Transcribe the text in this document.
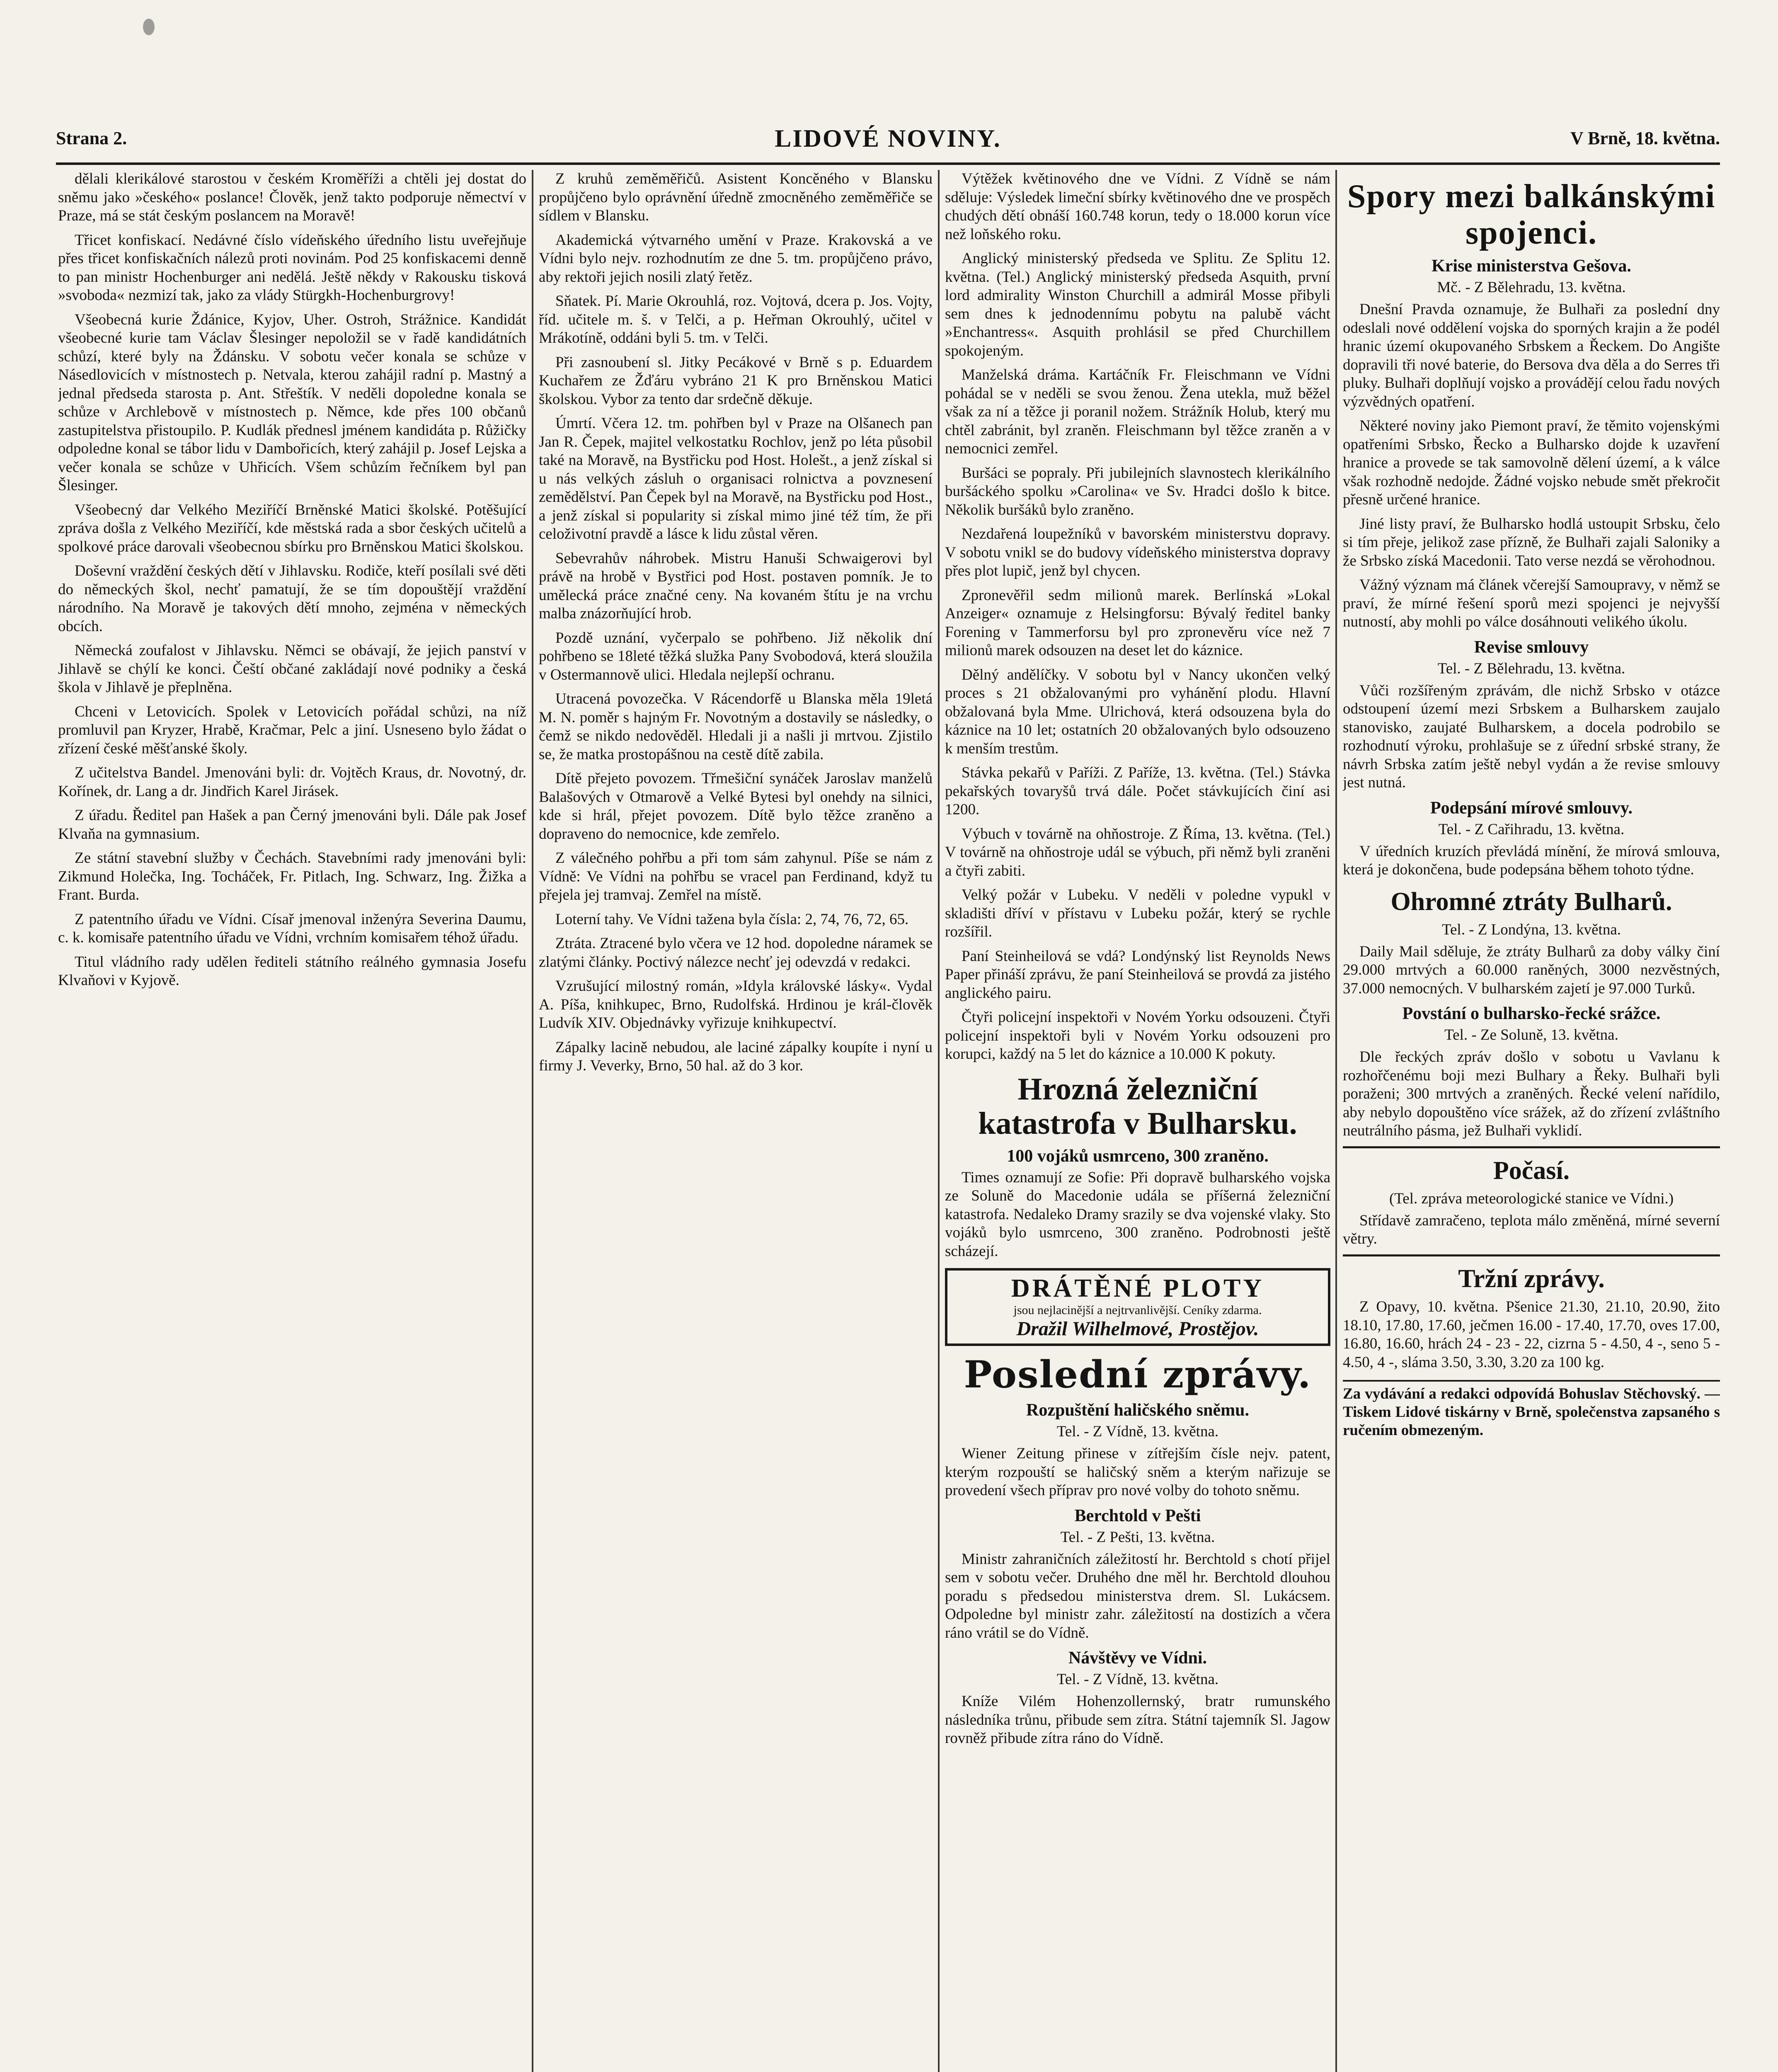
Strana 2.	LIDOVÉ NOVINY.	V Brně, 18. května.

dělali klerikálové starostou v českém Kroměříži a chtěli jej dostat do sněmu jako »českého« poslance! Člověk, jenž takto podporuje němectví v Praze, má se stát českým poslancem na Moravě!

Třicet konfiskací. Nedávné číslo vídeňského úředního listu uveřejňuje přes třicet konfiskačních nálezů proti novinám. Pod 25 konfiskacemi denně to pan ministr Hochenburger ani nedělá. Ještě někdy v Rakousku tisková »svoboda« nezmizí tak, jako za vlády Stürgkh-Hochenburgrovy!

Všeobecná kurie Ždánice, Kyjov, Uher. Ostroh, Strážnice. Kandidát všeobecné kurie tam Václav Šlesinger nepoložil se v řadě kandidátních schůzí, které byly na Ždánsku. V sobotu večer konala se schůze v Násedlovicích v místnostech p. Netvala, kterou zahájil radní p. Mastný a jednal předseda starosta p. Ant. Střeštík. V neděli dopoledne konala se schůze v Archlebově v místnostech p. Němce, kde přes 100 občanů zastupitelstva přistoupilo. P. Kudlák přednesl jménem kandidáta p. Růžičky odpoledne konal se tábor lidu v Dambořicích, který zahájil p. Josef Lejska a večer konala se schůze v Uhřicích. Všem schůzím řečníkem byl pan Šlesinger.

Všeobecný dar Velkého Meziříčí Brněnské Matici školské. Potěšující zpráva došla z Velkého Meziříčí, kde městská rada a sbor českých učitelů a spolkové práce darovali všeobecnou sbírku pro Brněnskou Matici školskou.

Doševní vraždění českých dětí v Jihlavsku. Rodiče, kteří posílali své děti do německých škol, nechť pamatují, že se tím dopouštějí vraždění národního. Na Moravě je takových dětí mnoho, zejména v německých obcích.

Německá zoufalost v Jihlavsku. Němci se obávají, že jejich panství v Jihlavě se chýlí ke konci. Čeští občané zakládají nové podniky a česká škola v Jihlavě je přeplněna.

Chceni v Letovicích. Spolek v Letovicích pořádal schůzi, na níž promluvil pan Kryzer, Hrabě, Kračmar, Pelc a jiní. Usneseno bylo žádat o zřízení české měšťanské školy.

Z učitelstva Bandel. Jmenováni byli: dr. Vojtěch Kraus, dr. Novotný, dr. Kořínek, dr. Lang a dr. Jindřich Karel Jirásek.

Z úřadu. Ředitel pan Hašek a pan Černý jmenováni byli. Dále pak Josef Klvaňa na gymnasium.

Ze státní stavební služby v Čechách. Stavebními rady jmenováni byli: Zikmund Holečka, Ing. Tocháček, Fr. Pitlach, Ing. Schwarz, Ing. Žižka a Frant. Burda.

Z patentního úřadu ve Vídni. Císař jmenoval inženýra Severina Daumu, c. k. komisaře patentního úřadu ve Vídni, vrchním komisařem téhož úřadu.

Titul vládního rady udělen řediteli státního reálného gymnasia Josefu Klvaňovi v Kyjově.

Z kruhů zeměměřičů. Asistent Koncěného v Blansku propůjčeno bylo oprávnění úředně zmocněného zeměměřiče se sídlem v Blansku.

Akademická výtvarného umění v Praze. Krakovská a ve Vídni bylo nejv. rozhodnutím ze dne 5. tm. propůjčeno právo, aby rektoři jejich nosili zlatý řetěz.

Sňatek. Pí. Marie Okrouhlá, roz. Vojtová, dcera p. Jos. Vojty, říd. učitele m. š. v Telči, a p. Heřman Okrouhlý, učitel v Mrákotíně, oddáni byli 5. tm. v Telči.

Při zasnoubení sl. Jitky Pecákové v Brně s p. Eduardem Kuchařem ze Žďáru vybráno 21 K pro Brněnskou Matici školskou. Vybor za tento dar srdečně děkuje.

Úmrtí. Včera 12. tm. pohřben byl v Praze na Olšanech pan Jan R. Čepek, majitel velkostatku Rochlov, jenž po léta působil také na Moravě, na Bystřicku pod Host. Holešt., a jenž získal si u nás velkých zásluh o organisaci rolnictva a povznesení zemědělství. Pan Čepek byl na Moravě, na Bystřicku pod Host., a jenž získal si popularity si získal mimo jiné též tím, že při celoživotní pravdě a lásce k lidu zůstal věren.

Sebevrahův náhrobek. Mistru Hanuši Schwaigerovi byl právě na hrobě v Bystřici pod Host. postaven pomník. Je to umělecká práce značné ceny. Na kovaném štítu je na vrchu malba znázorňující hrob.

Pozdě uznání, vyčerpalo se pohřbeno. Již několik dní pohřbeno se 18leté těžká služka Pany Svobodová, která sloužila v Ostermannově ulici. Hledala nejlepší ochranu.

Utracená povozečka. V Rácendorfě u Blanska měla 19letá M. N. poměr s hajným Fr. Novotným a dostavily se následky, o čemž se nikdo nedověděl. Hledali ji a našli ji mrtvou. Zjistilo se, že matka prostopášnou na cestě dítě zabila.

Dítě přejeto povozem. Třmešiční synáček Jaroslav manželů Balašových v Otmarově a Velké Bytesi byl onehdy na silnici, kde si hrál, přejet povozem. Dítě bylo těžce zraněno a dopraveno do nemocnice, kde zemřelo.

Z válečného pohřbu a při tom sám zahynul. Píše se nám z Vídně: Ve Vídni na pohřbu se vracel pan Ferdinand, když tu přejela jej tramvaj. Zemřel na místě.

Loterní tahy. Ve Vídni tažena byla čísla: 2, 74, 76, 72, 65.

Ztráta. Ztracené bylo včera ve 12 hod. dopoledne náramek se zlatými články. Poctivý nálezce nechť jej odevzdá v redakci.

Vzrušující milostný román, »Idyla královské lásky«. Vydal A. Píša, knihkupec, Brno, Rudolfská. Hrdinou je král-člověk Ludvík XIV. Objednávky vyřizuje knihkupectví.

Zápalky lacině nebudou, ale laciné zápalky koupíte i nyní u firmy J. Veverky, Brno, 50 hal. až do 3 kor.

Výtěžek květinového dne ve Vídni. Z Vídně se nám sděluje: Výsledek limeční sbírky květinového dne ve prospěch chudých dětí obnáší 160.748 korun, tedy o 18.000 korun více než loňského roku.

Anglický ministerský předseda ve Splitu. Ze Splitu 12. května. (Tel.) Anglický ministerský předseda Asquith, první lord admirality Winston Churchill a admirál Mosse přibyli sem dnes k jednodennímu pobytu na palubě vácht »Enchantress«. Asquith prohlásil se před Churchillem spokojeným.

Manželská dráma. Kartáčník Fr. Fleischmann ve Vídni pohádal se v neděli se svou ženou. Žena utekla, muž běžel však za ní a těžce ji poranil nožem. Strážník Holub, který mu chtěl zabránit, byl zraněn. Fleischmann byl těžce zraněn a v nemocnici zemřel.

Buršáci se popraly. Při jubilejních slavnostech klerikálního buršáckého spolku »Carolina« ve Sv. Hradci došlo k bitce. Několik buršáků bylo zraněno.

Nezdařená loupežníků v bavorském ministerstvu dopravy. V sobotu vnikl se do budovy vídeňského ministerstva dopravy přes plot lupič, jenž byl chycen.

Zpronevěřil sedm milionů marek. Berlínská »Lokal Anzeiger« oznamuje z Helsingforsu: Bývalý ředitel banky Forening v Tammerforsu byl pro zpronevěru více než 7 milionů marek odsouzen na deset let do káznice.

Dělný andělíčky. V sobotu byl v Nancy ukončen velký proces s 21 obžalovanými pro vyhánění plodu. Hlavní obžalovaná byla Mme. Ulrichová, která odsouzena byla do káznice na 10 let; ostatních 20 obžalovaných bylo odsouzeno k menším trestům.

Stávka pekařů v Paříži. Z Paříže, 13. května. (Tel.) Stávka pekařských tovaryšů trvá dále. Počet stávkujících činí asi 1200.

Výbuch v továrně na ohňostroje. Z Říma, 13. května. (Tel.) V továrně na ohňostroje udál se výbuch, při němž byli zraněni a čtyři zabiti.

Velký požár v Lubeku. V neděli v poledne vypukl v skladišti dříví v přístavu v Lubeku požár, který se rychle rozšířil.

Paní Steinheilová se vdá? Londýnský list Reynolds News Paper přináší zprávu, že paní Steinheilová se provdá za jistého anglického pairu.

Čtyři policejní inspektoři v Novém Yorku odsouzeni. Čtyři policejní inspektoři byli v Novém Yorku odsouzeni pro korupci, každý na 5 let do káznice a 10.000 K pokuty.

Hrozná železniční katastrofa v Bulharsku.
100 vojáků usmrceno, 300 zraněno.

Times oznamují ze Sofie: Při dopravě bulharského vojska ze Soluně do Macedonie udála se příšerná železniční katastrofa. Nedaleko Dramy srazily se dva vojenské vlaky. Sto vojáků bylo usmrceno, 300 zraněno. Podrobnosti ještě scházejí.

DRÁTĚNÉ PLOTY
jsou nejlacinější a nejtrvanlivější. Ceníky zdarma.
Dražil Wilhelmové, Prostějov.
Poslední zprávy.
Rozpuštění haličského sněmu.
Tel. - Z Vídně, 13. května.

Wiener Zeitung přinese v zítřejším čísle nejv. patent, kterým rozpouští se haličský sněm a kterým nařizuje se provedení všech příprav pro nové volby do tohoto sněmu.

Berchtold v Pešti
Tel. - Z Pešti, 13. května.

Ministr zahraničních záležitostí hr. Berchtold s chotí přijel sem v sobotu večer. Druhého dne měl hr. Berchtold dlouhou poradu s předsedou ministerstva drem. Sl. Lukácsem. Odpoledne byl ministr zahr. záležitostí na dostizích a včera ráno vrátil se do Vídně.

Návštěvy ve Vídni.
Tel. - Z Vídně, 13. května.

Kníže Vilém Hohenzollernský, bratr rumunského následníka trůnu, přibude sem zítra. Státní tajemník Sl. Jagow rovněž přibude zítra ráno do Vídně.

Spory mezi balkánskými spojenci.
Krise ministerstva Gešova.
Mč. - Z Bělehradu, 13. května.

Dnešní Pravda oznamuje, že Bulhaři za poslední dny odeslali nové oddělení vojska do sporných krajin a že podél hranic území okupovaného Srbskem a Řeckem. Do Angište dopravili tři nové baterie, do Bersova dva děla a do Serres tři pluky. Bulhaři doplňují vojsko a provádějí celou řadu nových výzvědných opatření.

Některé noviny jako Piemont praví, že těmito vojenskými opatřeními Srbsko, Řecko a Bulharsko dojde k uzavření hranice a provede se tak samovolně dělení území, a k válce však rozhodně nedojde. Žádné vojsko nebude smět překročit přesně určené hranice.

Jiné listy praví, že Bulharsko hodlá ustoupit Srbsku, čelo si tím přeje, jelikož zase přízně, že Bulhaři zajali Saloniky a že Srbsko získá Macedonii. Tato verse nezdá se věrohodnou.

Vážný význam má článek včerejší Samoupravy, v němž se praví, že mírné řešení sporů mezi spojenci je nejvyšší nutností, aby mohli po válce dosáhnouti velikého úkolu.

Revise smlouvy
Tel. - Z Bělehradu, 13. května.

Vůči rozšířeným zprávám, dle nichž Srbsko v otázce odstoupení území mezi Srbskem a Bulharskem zaujalo stanovisko, zaujaté Bulharskem, a docela podrobilo se rozhodnutí výroku, prohlašuje se z úřední srbské strany, že návrh Srbska zatím ještě nebyl vydán a že revise smlouvy jest nutná.

Podepsání mírové smlouvy.
Tel. - Z Cařihradu, 13. května.

V úředních kruzích převládá mínění, že mírová smlouva, která je dokončena, bude podepsána během tohoto týdne.

Ohromné ztráty Bulharů.
Tel. - Z Londýna, 13. května.

Daily Mail sděluje, že ztráty Bulharů za doby války činí 29.000 mrtvých a 60.000 raněných, 3000 nezvěstných, 37.000 nemocných. V bulharském zajetí je 97.000 Turků.

Povstání o bulharsko-řecké srážce.
Tel. - Ze Soluně, 13. května.

Dle řeckých zpráv došlo v sobotu u Vavlanu k rozhořčenému boji mezi Bulhary a Řeky. Bulhaři byli poraženi; 300 mrtvých a zraněných. Řecké velení nařídilo, aby nebylo dopouštěno více srážek, až do zřízení zvláštního neutrálního pásma, jež Bulhaři vyklidí.

Počasí.
(Tel. zpráva meteorologické stanice ve Vídni.)

Střídavě zamračeno, teplota málo změněná, mírné severní větry.

Tržní zprávy.

Z Opavy, 10. května. Pšenice 21.30, 21.10, 20.90, žito 18.10, 17.80, 17.60, ječmen 16.00 - 17.40, 17.70, oves 17.00, 16.80, 16.60, hrách 24 - 23 - 22, cizrna 5 - 4.50, 4 -, seno 5 - 4.50, 4 -, sláma 3.50, 3.30, 3.20 za 100 kg.

Za vydávání a redakci odpovídá Bohuslav Stěchovský. — Tiskem Lidové tiskárny v Brně, společenstva zapsaného s ručením obmezeným.
